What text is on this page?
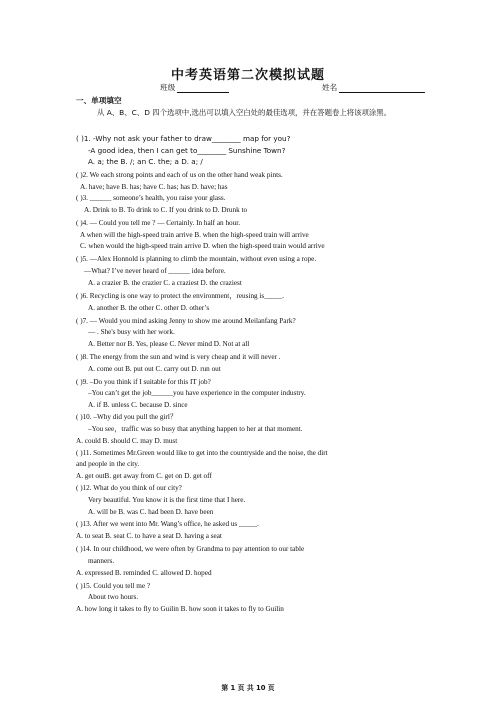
中考英语第二次模拟试题
班级	姓名
一、单项填空
从 A、B、C、D 四个选项中,选出可以填入空白处的最佳选项，并在答题卷上将该项涂黑。
( )1. -Why not ask your father to draw________ map for you?
-A good idea, then I can get to________ Sunshine Town?
A. a; the B. /; an C. the; a D. a; /
( )2. We each strong points and each of us on the other hand weak pints.
A. have; have B. has; have C. has; has D. have; has
( )3. ______ someone’s health, you raise your glass.
A. Drink to B. To drink to C. If you drink to D. Drunk to
( )4. — Could you tell me ? — Certainly. In half an hour.
A when will the high-speed train arrive B. when the high-speed train will arrive
C. when would the high-speed train arrive D. when the high-speed train would arrive
( )5. —Alex Honnold is planning to climb the mountain, without even using a rope.
—What? I’ve never heard of ______ idea before.
A. a crazier B. the crazier C. a craziest D. the craziest
( )6. Recycling is one way to protect the environment，reusing is_____.
A. another B. the other C. other D. other’s
( )7. — Would you mind asking Jenny to show me around Meilanfang Park?
— . She's busy with her work.
A. Better nor B. Yes, please C. Never mind D. Not at all
( )8. The energy from the sun and wind is very cheap and it will never .
A. come out B. put out C. carry out D. run out
( )9. –Do you think if I suitable for this IT job?
–You can’t get the job______you have experience in the computer industry.
A. if B. unless C. because D. since
( )10. –Why did you pull the girl？
–You see，traffic was so busy that anything happen to her at that moment.
A. could B. should C. may D. must
( )11. Sometimes Mr.Green would like to get into the countryside and the noise, the dirt
and people in the city.
A. get outB. get away from C. get on D. get off
( )12. What do you think of our city?
Very beautiful. You know it is the first time that I here.
A. will be B. was C. had been D. have been
( )13. After we went into Mr. Wang’s office, he asked us _____.
A. to seat B. seat C. to have a seat D. having a seat
( )14. In our childhood, we were often by Grandma to pay attention to our table
manners.
A. expressed B. reminded C. allowed D. hoped
( )15. Could you tell me ?
About two hours.
A. how long it takes to fly to Guilin B. how soon it takes to fly to Guilin
第 1 页 共 10 页
